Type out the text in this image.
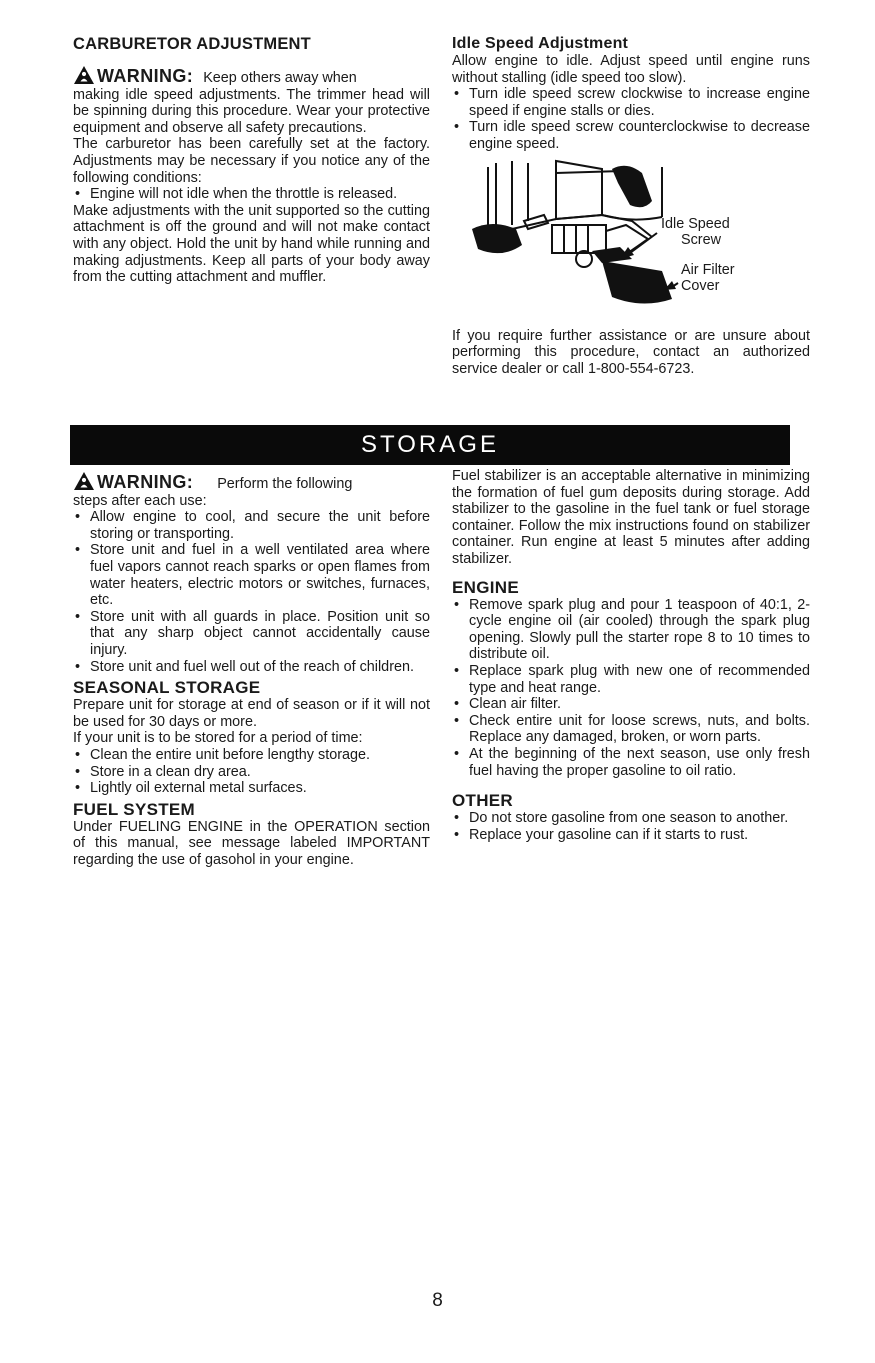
CARBURETOR ADJUSTMENT
WARNING: Keep others away when

making idle speed adjustments. The trimmer head will be spinning during this procedure. Wear your protective equipment and observe all safety precautions.

The carburetor has been carefully set at the factory. Adjustments may be necessary if you notice any of the following conditions:

• Engine will not idle when the throttle is released.

Make adjustments with the unit supported so the cutting attachment is off the ground and will not make contact with any object. Hold the unit by hand while running and making adjustments. Keep all parts of your body away from the cutting attachment and muffler.

Idle Speed Adjustment

Allow engine to idle. Adjust speed until engine runs without stalling (idle speed too slow).

• Turn idle speed screw clockwise to increase engine speed if engine stalls or dies.
• Turn idle speed screw counterclockwise to decrease engine speed.
Idle Speed
Screw
Air Filter
Cover

If you require further assistance or are unsure about performing this procedure, contact an authorized service dealer or call 1-800-554-6723.

STORAGE
WARNING: Perform the following

steps after each use:

• Allow engine to cool, and secure the unit before storing or transporting.
• Store unit and fuel in a well ventilated area where fuel vapors cannot reach sparks or open flames from water heaters, electric motors or switches, furnaces, etc.
• Store unit with all guards in place. Position unit so that any sharp object cannot accidentally cause injury.
• Store unit and fuel well out of the reach of children.
SEASONAL STORAGE

Prepare unit for storage at end of season or if it will not be used for 30 days or more.

If your unit is to be stored for a period of time:

• Clean the entire unit before lengthy storage.
• Store in a clean dry area.
• Lightly oil external metal surfaces.
FUEL SYSTEM

Under FUELING ENGINE in the OPERATION section of this manual, see message labeled IMPORTANT regarding the use of gasohol in your engine.

Fuel stabilizer is an acceptable alternative in minimizing the formation of fuel gum deposits during storage. Add stabilizer to the gasoline in the fuel tank or fuel storage container. Follow the mix instructions found on stabilizer container. Run engine at least 5 minutes after adding stabilizer.

ENGINE
• Remove spark plug and pour 1 teaspoon of 40:1, 2-cycle engine oil (air cooled) through the spark plug opening. Slowly pull the starter rope 8 to 10 times to distribute oil.
• Replace spark plug with new one of recommended type and heat range.
• Clean air filter.
• Check entire unit for loose screws, nuts, and bolts. Replace any damaged, broken, or worn parts.
• At the beginning of the next season, use only fresh fuel having the proper gasoline to oil ratio.
OTHER
• Do not store gasoline from one season to another.
• Replace your gasoline can if it starts to rust.
8
